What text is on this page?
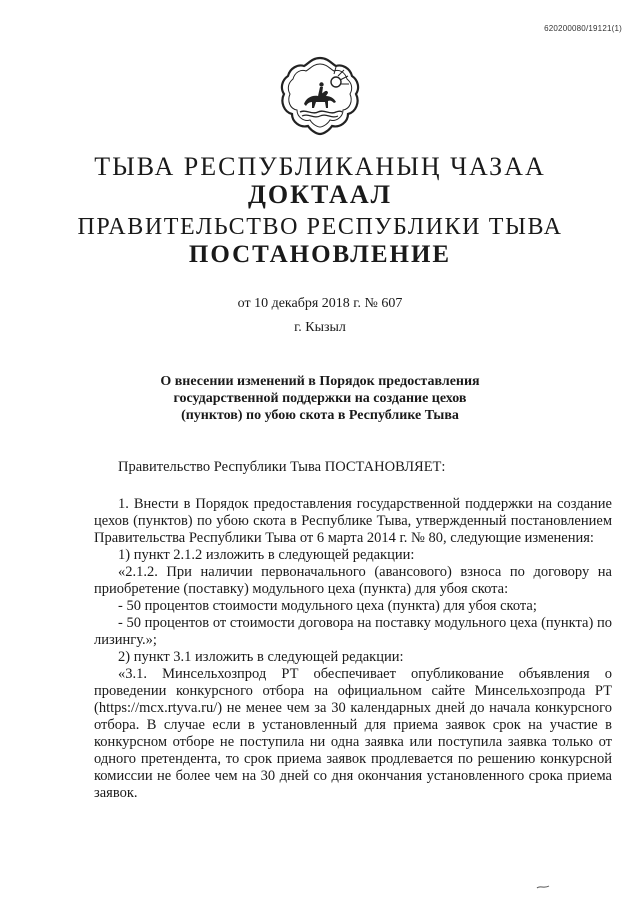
620200080/19121(1)
ТЫВА РЕСПУБЛИКАНЫҢ ЧАЗАА
ДОКТААЛ
ПРАВИТЕЛЬСТВО РЕСПУБЛИКИ ТЫВА
ПОСТАНОВЛЕНИЕ
от 10 декабря 2018 г. № 607
г. Кызыл
О внесении изменений в Порядок предоставления
государственной поддержки на создание цехов
(пунктов) по убою скота в Республике Тыва
Правительство Республики Тыва ПОСТАНОВЛЯЕТ:

1. Внести в Порядок предоставления государственной поддержки на создание цехов (пунктов) по убою скота в Республике Тыва, утвержденный постановлением Правительства Республики Тыва от 6 марта 2014 г. № 80, следующие изменения:

1) пункт 2.1.2 изложить в следующей редакции:

«2.1.2. При наличии первоначального (авансового) взноса по договору на приобретение (поставку) модульного цеха (пункта) для убоя скота:

- 50 процентов стоимости модульного цеха (пункта) для убоя скота;

- 50 процентов от стоимости договора на поставку модульного цеха (пункта) по лизингу.»;

2) пункт 3.1 изложить в следующей редакции:

«3.1. Минсельхозпрод РТ обеспечивает опубликование объявления о проведении конкурсного отбора на официальном сайте Минсельхозпрода РТ (https://mcx.rtyva.ru/) не менее чем за 30 календарных дней до начала конкурсного отбора. В случае если в установленный для приема заявок срок на участие в конкурсном отборе не поступила ни одна заявка или поступила заявка только от одного претендента, то срок приема заявок продлевается по решению конкурсной комиссии не более чем на 30 дней со дня окончания установленного срока приема заявок.
